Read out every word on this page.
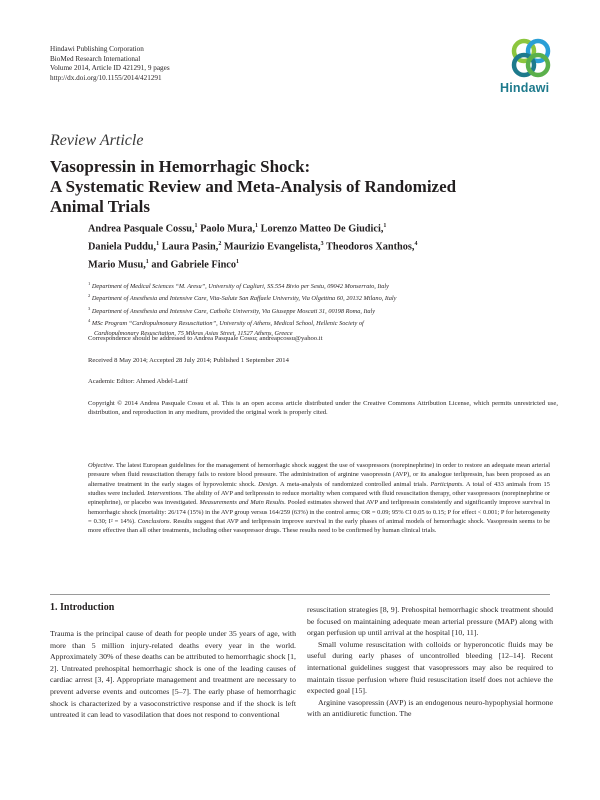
Hindawi Publishing Corporation
BioMed Research International
Volume 2014, Article ID 421291, 9 pages
http://dx.doi.org/10.1155/2014/421291
Hindawi
Review Article
Vasopressin in Hemorrhagic Shock:
A Systematic Review and Meta-Analysis of Randomized
Animal Trials
Andrea Pasquale Cossu,$^1$ Paolo Mura,$^1$ Lorenzo Matteo De Giudici,$^1$
Daniela Puddu,$^1$ Laura Pasin,$^2$ Maurizio Evangelista,$^3$ Theodoros Xanthos,$^4$
Mario Musu,$^1$ and Gabriele Finco$^1$
$^1$ Department of Medical Sciences “M. Aresu”, University of Cagliari, SS.554 Bivio per Sestu, 09042 Monserrato, Italy
$^2$ Department of Anesthesia and Intensive Care, Vita-Salute San Raffaele University, Via Olgettina 60, 20132 Milano, Italy
$^3$ Department of Anesthesia and Intensive Care, Catholic University, Via Giuseppe Moscati 31, 00198 Roma, Italy
$^4$ MSc Program “Cardiopulmonary Resuscitation”, University of Athens, Medical School, Hellenic Society of
Cardiopulmonary Resuscitation, 75 Mikras Asias Street, 11527 Athens, Greece
Correspondence should be addressed to Andrea Pasquale Cossu; andreapcossu@yahoo.it
Received 8 May 2014; Accepted 28 July 2014; Published 1 September 2014
Academic Editor: Ahmed Abdel-Latif
Copyright © 2014 Andrea Pasquale Cossu et al. This is an open access article distributed under the Creative Commons Attribution License, which permits unrestricted use, distribution, and reproduction in any medium, provided the original work is properly cited.
Objective. The latest European guidelines for the management of hemorrhagic shock suggest the use of vasopressors (norepinephrine) in order to restore an adequate mean arterial pressure when fluid resuscitation therapy fails to restore blood pressure. The administration of arginine vasopressin (AVP), or its analogue terlipressin, has been proposed as an alternative treatment in the early stages of hypovolemic shock. Design. A meta-analysis of randomized controlled animal trials. Participants. A total of 433 animals from 15 studies were included. Interventions. The ability of AVP and terlipressin to reduce mortality when compared with fluid resuscitation therapy, other vasopressors (norepinephrine or epinephrine), or placebo was investigated. Measurements and Main Results. Pooled estimates showed that AVP and terlipressin consistently and significantly improve survival in hemorrhagic shock (mortality: 26/174 (15%) in the AVP group versus 164/259 (63%) in the control arms; OR = 0.09; 95% CI 0.05 to 0.15; P for effect < 0.001; P for heterogeneity = 0.30; I² = 14%). Conclusions. Results suggest that AVP and terlipressin improve survival in the early phases of animal models of hemorrhagic shock. Vasopressin seems to be more effective than all other treatments, including other vasopressor drugs. These results need to be confirmed by human clinical trials.
1. Introduction

Trauma is the principal cause of death for people under 35 years of age, with more than 5 million injury-related deaths every year in the world. Approximately 30% of these deaths can be attributed to hemorrhagic shock [1, 2]. Untreated prehospital hemorrhagic shock is one of the leading causes of cardiac arrest [3, 4]. Appropriate management and treatment are necessary to prevent adverse events and outcomes [5–7]. The early phase of hemorrhagic shock is characterized by a vasoconstrictive response and if the shock is left untreated it can lead to vasodilation that does not respond to conventional

resuscitation strategies [8, 9]. Prehospital hemorrhagic shock treatment should be focused on maintaining adequate mean arterial pressure (MAP) along with organ perfusion up until arrival at the hospital [10, 11].

Small volume resuscitation with colloids or hyperoncotic fluids may be useful during early phases of uncontrolled bleeding [12–14]. Recent international guidelines suggest that vasopressors may also be required to maintain tissue perfusion where fluid resuscitation itself does not achieve the expected goal [15].

Arginine vasopressin (AVP) is an endogenous neuro-hypophysial hormone with an antidiuretic function. The
